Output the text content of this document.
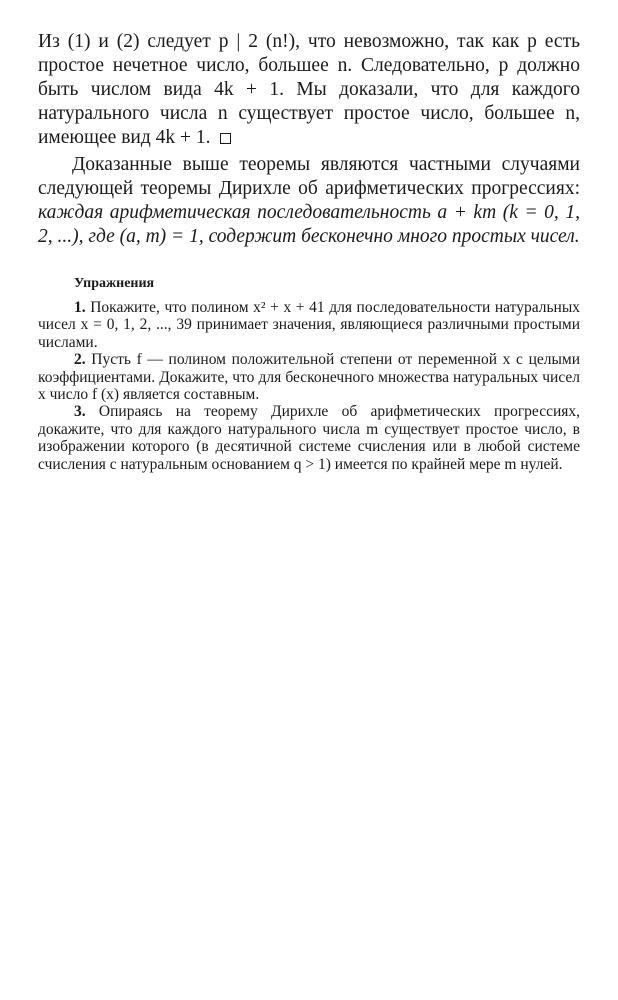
Из (1) и (2) следует p | 2 (n!), что невозможно, так как p есть простое нечетное число, большее n. Следовательно, p должно быть числом вида 4k + 1. Мы доказали, что для каждого натурального числа n существует простое число, большее n, имеющее вид 4k + 1.

Доказанные выше теоремы являются частными случаями следующей теоремы Дирихле об арифметических прогрессиях: каждая арифметическая последовательность a + km (k = 0, 1, 2, ...), где (a, m) = 1, содержит бесконечно много простых чисел.

Упражнения

1. Покажите, что полином x² + x + 41 для последовательности натуральных чисел x = 0, 1, 2, ..., 39 принимает значения, являющиеся различными простыми числами.

2. Пусть f — полином положительной степени от переменной x с целыми коэффициентами. Докажите, что для бесконечного множества натуральных чисел x число f (x) является составным.

3. Опираясь на теорему Дирихле об арифметических прогрессиях, докажите, что для каждого натурального числа m существует простое число, в изображении которого (в десятичной системе счисления или в любой системе счисления с натуральным основанием q > 1) имеется по крайней мере m нулей.
